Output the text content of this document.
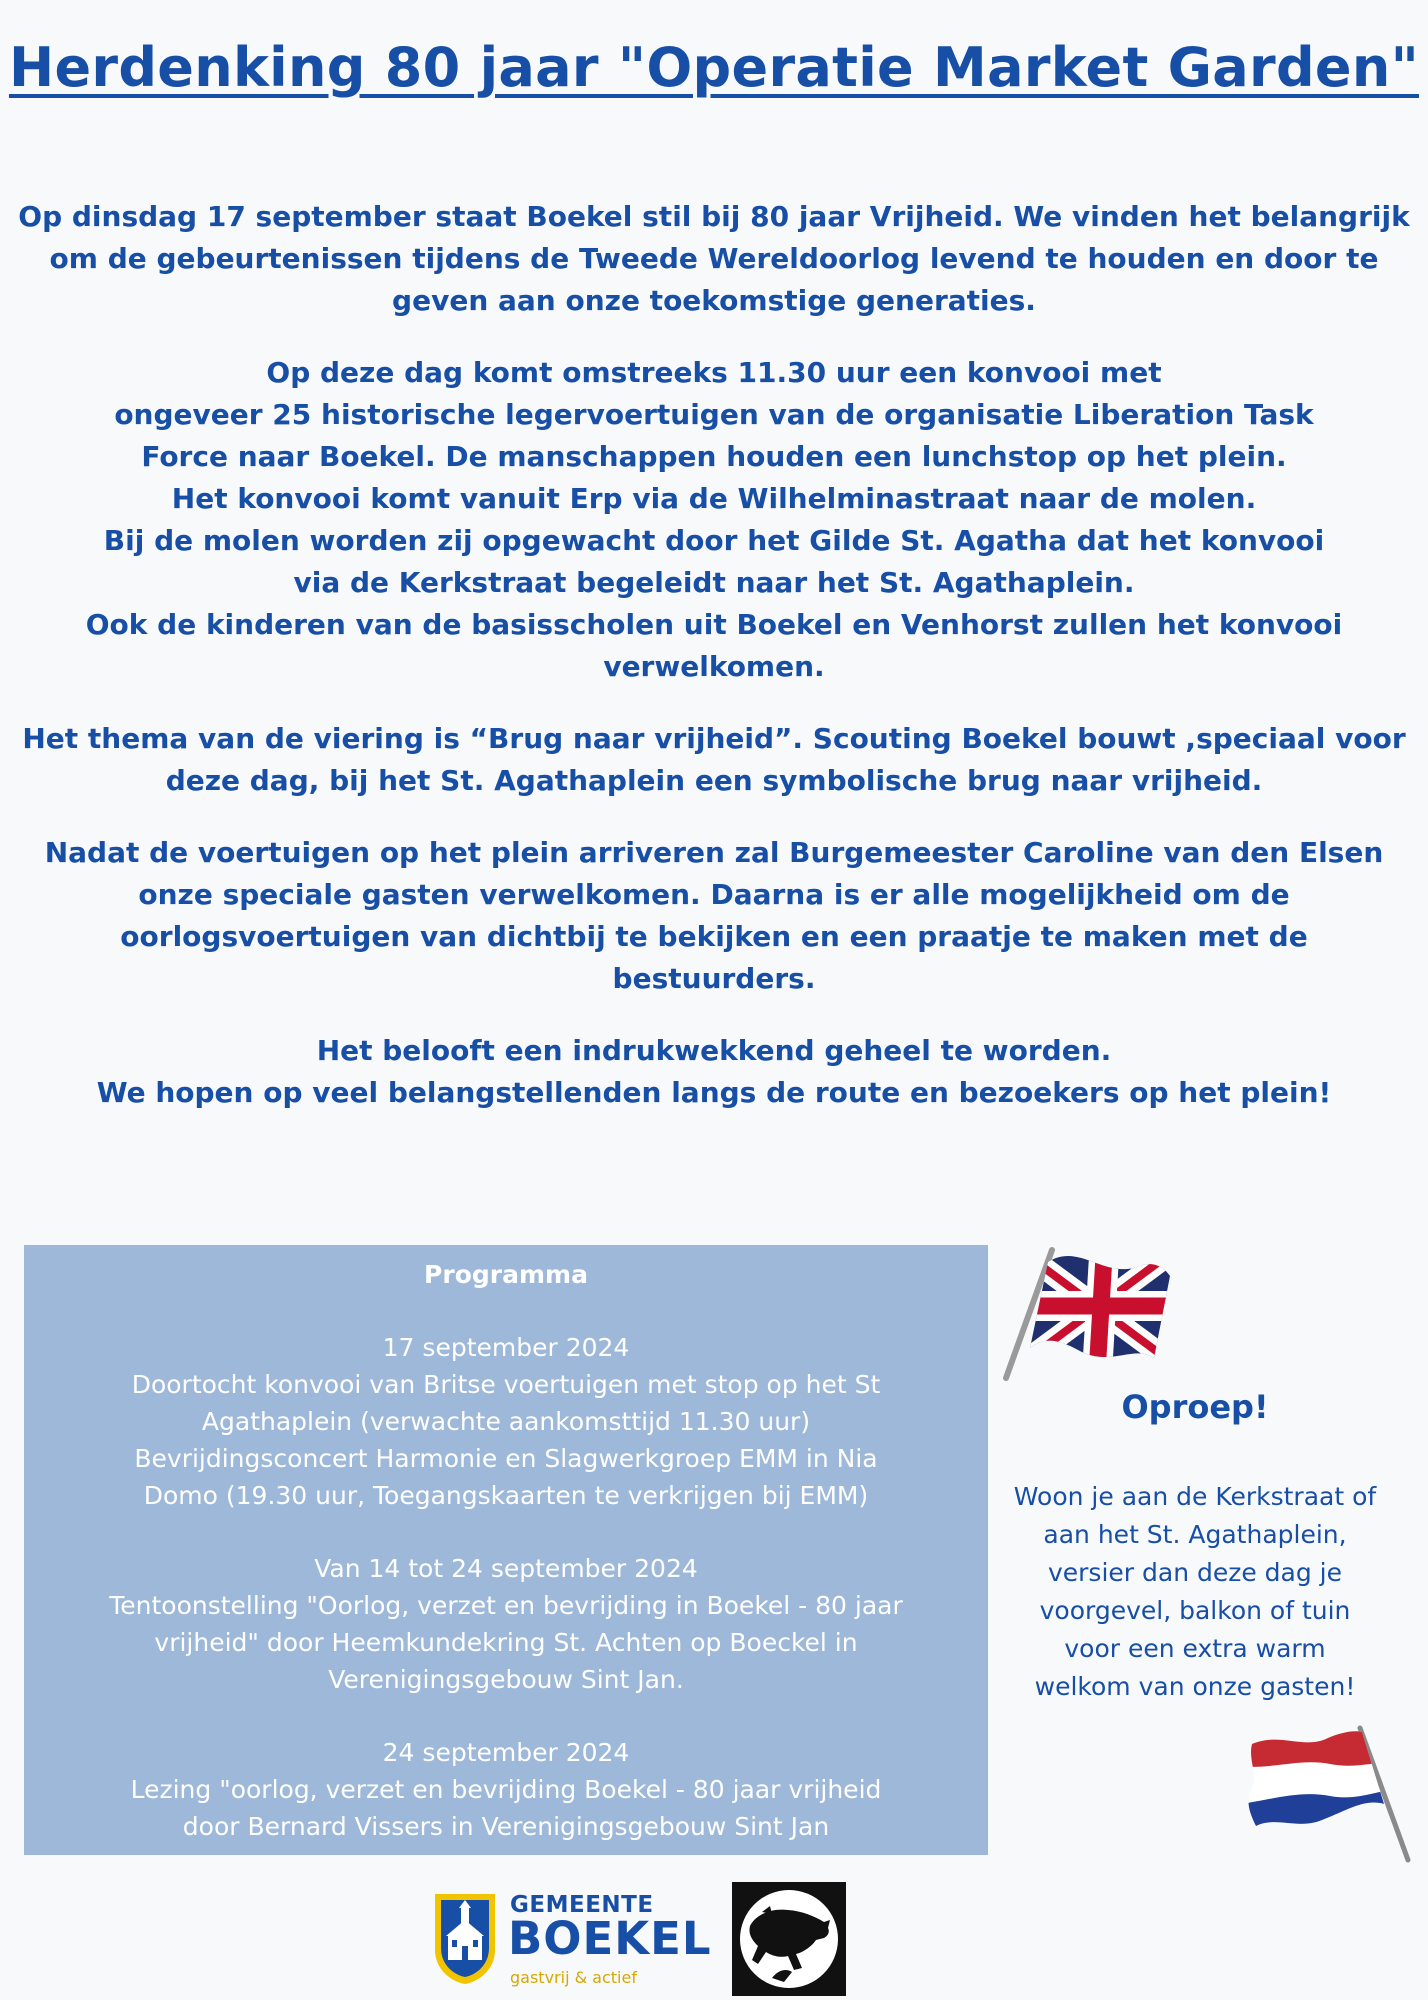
Herdenking 80 jaar "Operatie Market Garden"

Op dinsdag 17 september staat Boekel stil bij 80 jaar Vrijheid. We vinden het belangrijk
om de gebeurtenissen tijdens de Tweede Wereldoorlog levend te houden en door te
geven aan onze toekomstige generaties.

Op deze dag komt omstreeks 11.30 uur een konvooi met
ongeveer 25 historische legervoertuigen van de organisatie Liberation Task
Force naar Boekel. De manschappen houden een lunchstop op het plein.
Het konvooi komt vanuit Erp via de Wilhelminastraat naar de molen.
Bij de molen worden zij opgewacht door het Gilde St. Agatha dat het konvooi
via de Kerkstraat begeleidt naar het St. Agathaplein.
Ook de kinderen van de basisscholen uit Boekel en Venhorst zullen het konvooi
verwelkomen.

Het thema van de viering is “Brug naar vrijheid”. Scouting Boekel bouwt ,speciaal voor
deze dag, bij het St. Agathaplein een symbolische brug naar vrijheid.

Nadat de voertuigen op het plein arriveren zal Burgemeester Caroline van den Elsen
onze speciale gasten verwelkomen. Daarna is er alle mogelijkheid om de
oorlogsvoertuigen van dichtbij te bekijken en een praatje te maken met de
bestuurders.

Het belooft een indrukwekkend geheel te worden.
We hopen op veel belangstellenden langs de route en bezoekers op het plein!

Programma
17 september 2024
Doortocht konvooi van Britse voertuigen met stop op het St
Agathaplein (verwachte aankomsttijd 11.30 uur)
Bevrijdingsconcert Harmonie en Slagwerkgroep EMM in Nia
Domo (19.30 uur, Toegangskaarten te verkrijgen bij EMM)
Van 14 tot 24 september 2024
Tentoonstelling "Oorlog, verzet en bevrijding in Boekel - 80 jaar
vrijheid" door Heemkundekring St. Achten op Boeckel in
Verenigingsgebouw Sint Jan.
24 september 2024
Lezing "oorlog, verzet en bevrijding Boekel - 80 jaar vrijheid
door Bernard Vissers in Verenigingsgebouw Sint Jan
Oproep!
Woon je aan de Kerkstraat of
aan het St. Agathaplein,
versier dan deze dag je
voorgevel, balkon of tuin
voor een extra warm
welkom van onze gasten!
GEMEENTE
BOEKEL
gastvrij & actief
